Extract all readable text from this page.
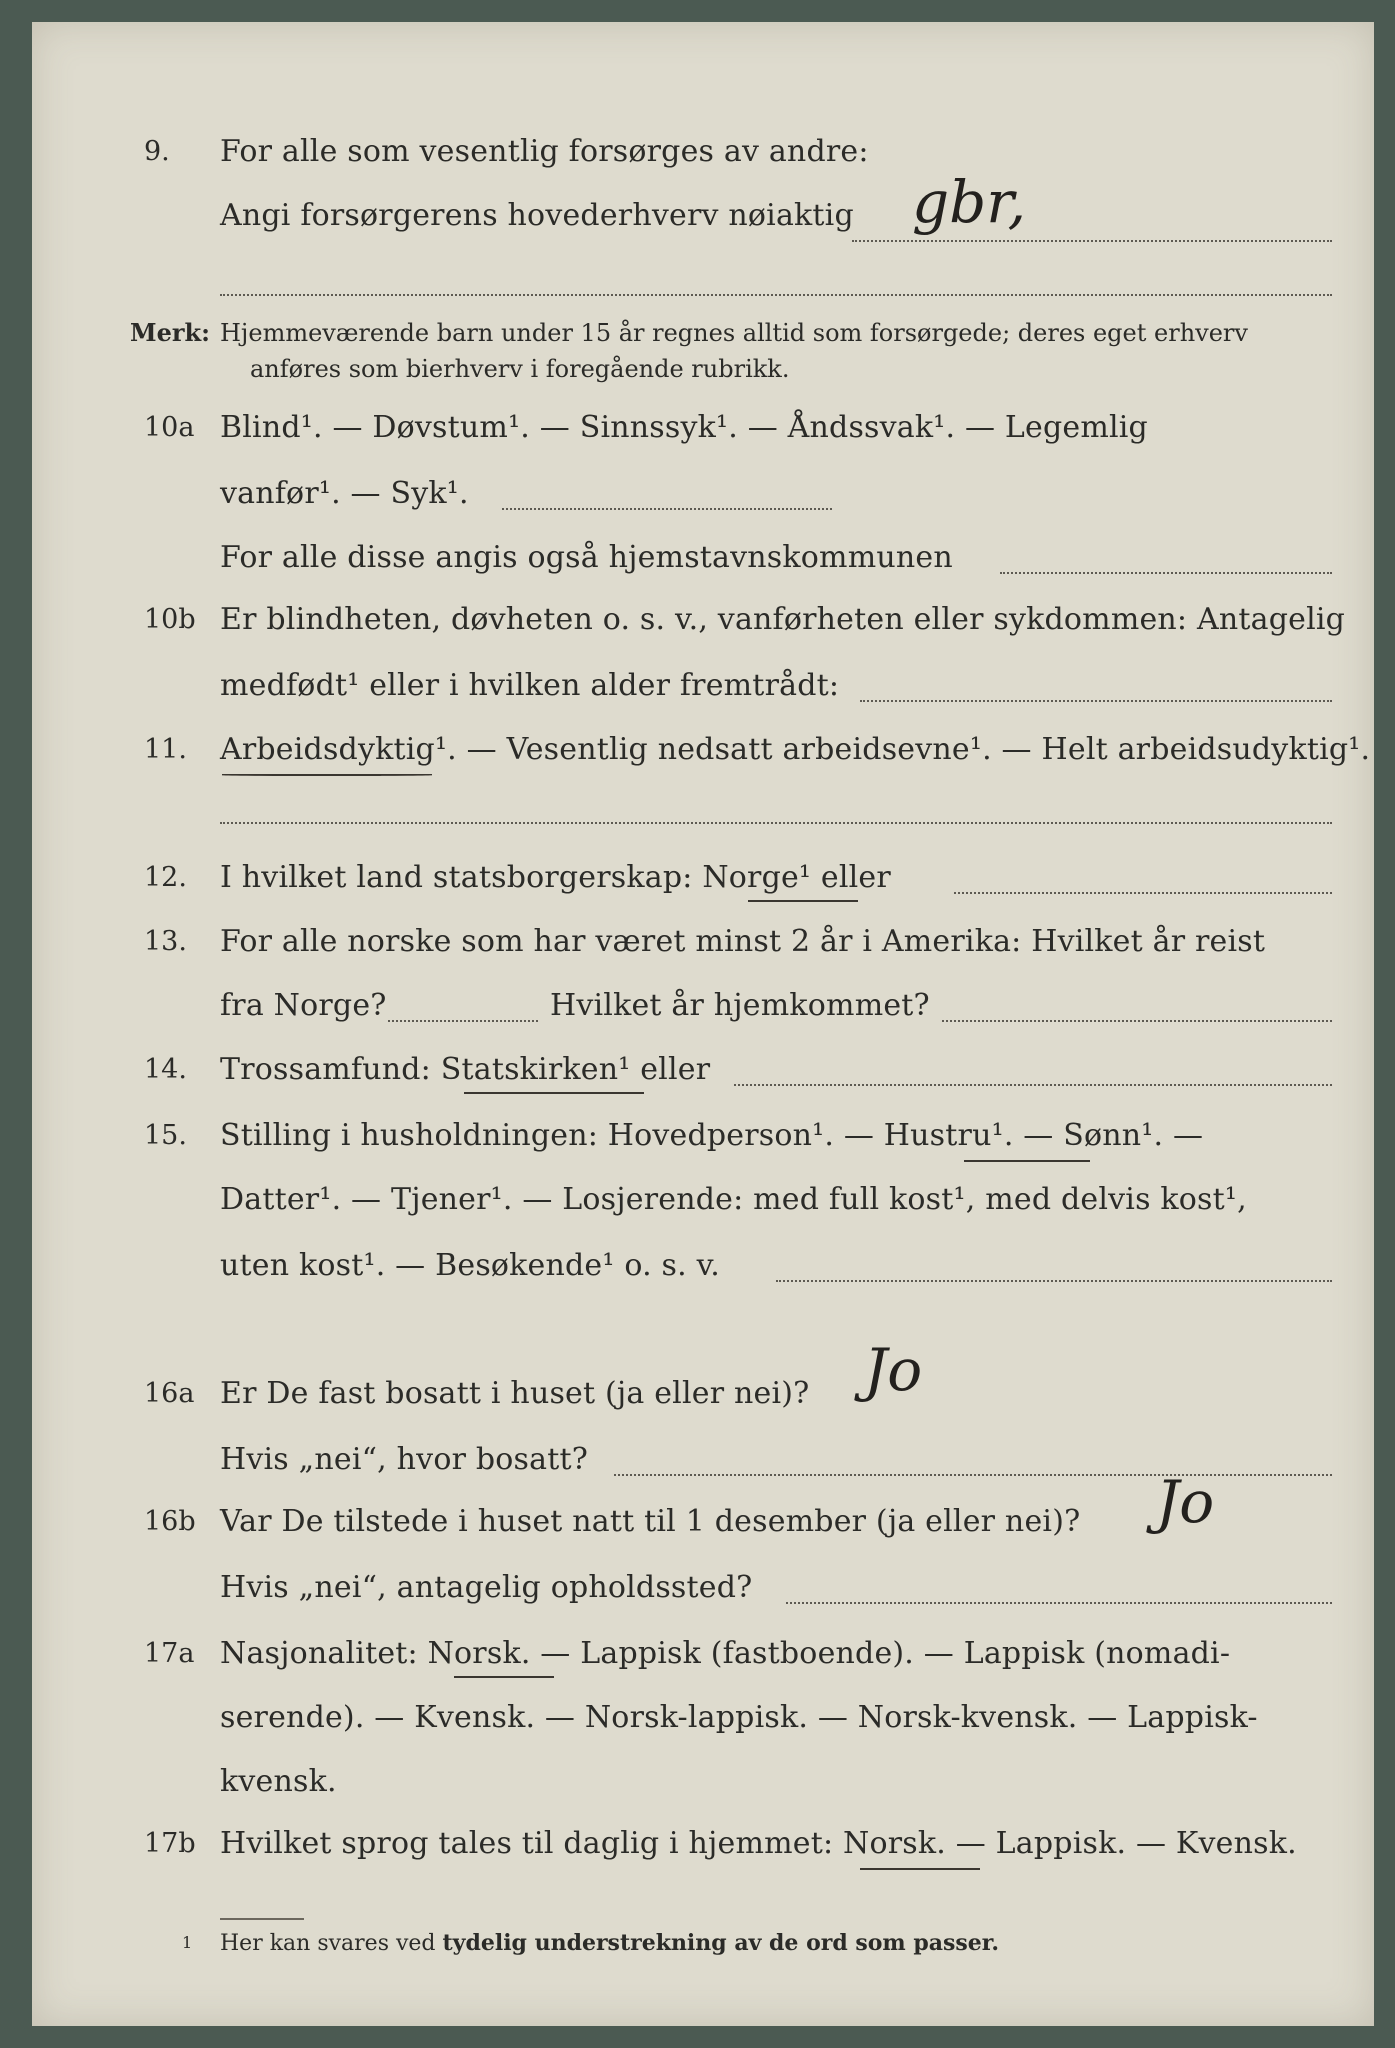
9.	For alle som vesentlig forsørges av andre:
Angi forsørgerens hovederhverv nøiaktig gbr,
Merk: Hjemmeværende barn under 15 år regnes alltid som forsørgede; deres eget erhverv
anføres som bierhverv i foregående rubrikk.
10a Blind¹. — Døvstum¹. — Sinnssyk¹. — Åndssvak¹. — Legemlig
vanfør¹. — Syk¹.
For alle disse angis også hjemstavnskommunen
10b Er blindheten, døvheten o. s. v., vanførheten eller sykdommen: Antagelig
medfødt¹ eller i hvilken alder fremtrådt:
11.	Arbeidsdyktig¹. — Vesentlig nedsatt arbeidsevne¹. — Helt arbeidsudyktig¹.
12.	I hvilket land statsborgerskap: Norge¹ eller
13.	For alle norske som har været minst 2 år i Amerika: Hvilket år reist
fra Norge?	Hvilket år hjemkommet?
14.	Trossamfund: Statskirken¹ eller
15.	Stilling i husholdningen: Hovedperson¹. — Hustru¹. — Sønn¹. —
Datter¹. — Tjener¹. — Losjerende: med full kost¹, med delvis kost¹,
uten kost¹. — Besøkende¹ o. s. v.
16a Er De fast bosatt i huset (ja eller nei)? Jo
Hvis „nei“, hvor bosatt?
16b Var De tilstede i huset natt til 1 desember (ja eller nei)? Jo
Hvis „nei“, antagelig opholdssted?
17a Nasjonalitet: Norsk. — Lappisk (fastboende). — Lappisk (nomadi-
serende). — Kvensk. — Norsk-lappisk. — Norsk-kvensk. — Lappisk-
kvensk.
17b Hvilket sprog tales til daglig i hjemmet: Norsk. — Lappisk. — Kvensk.
1 Her kan svares ved tydelig understrekning av de ord som passer.
